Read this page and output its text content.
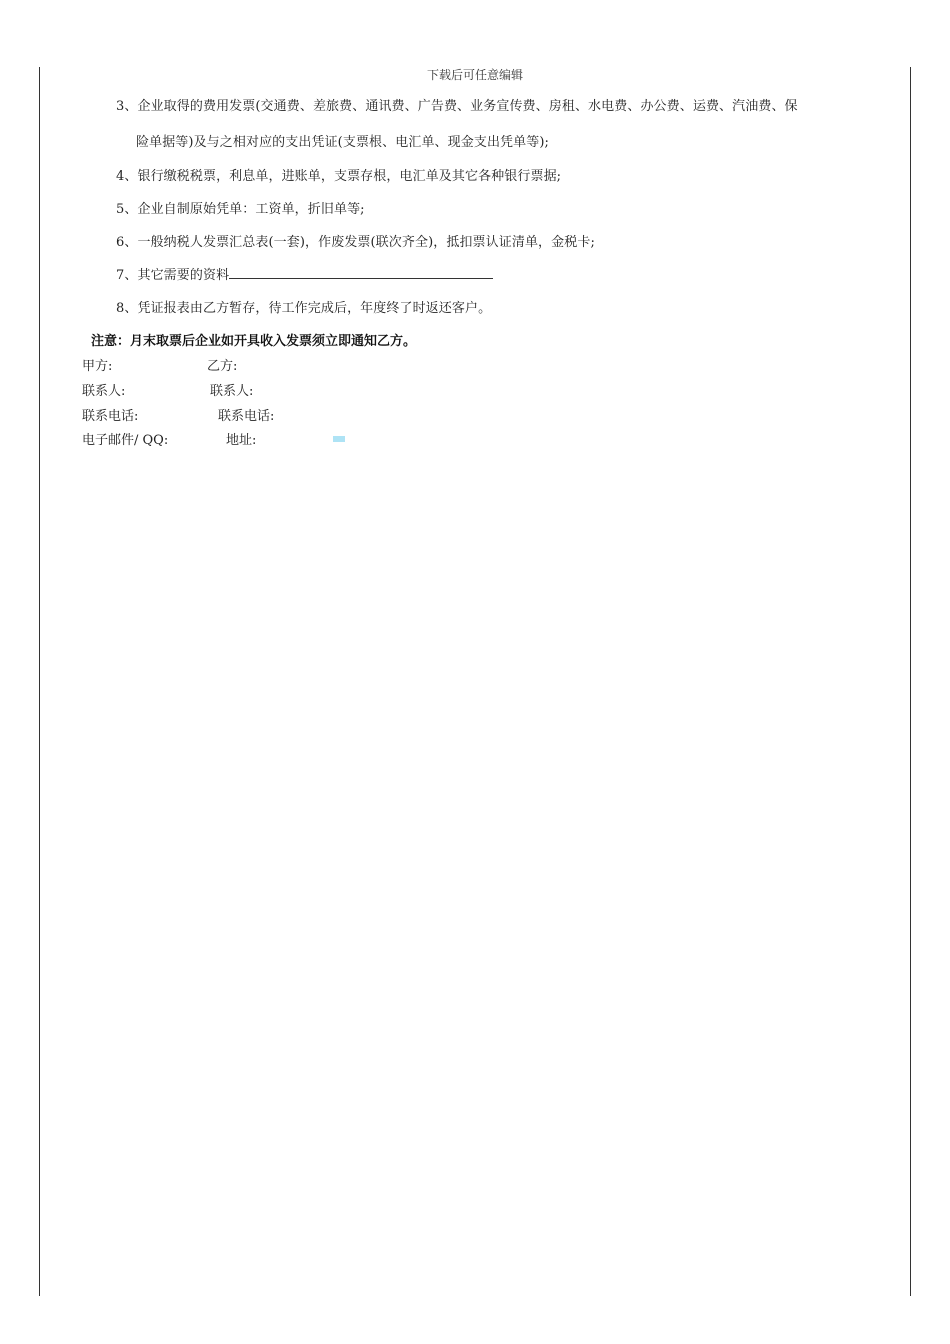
下载后可任意编辑
3、企业取得的费用发票(交通费、差旅费、通讯费、广告费、业务宣传费、房租、水电费、办公费、运费、汽油费、保
险单据等)及与之相对应的支出凭证(支票根、电汇单、现金支出凭单等);
4、银行缴税税票，利息单，进账单，支票存根，电汇单及其它各种银行票据;
5、企业自制原始凭单：工资单，折旧单等;
6、一般纳税人发票汇总表(一套)，作废发票(联次齐全)，抵扣票认证清单，金税卡;
7、其它需要的资料
8、凭证报表由乙方暂存，待工作完成后，年度终了时返还客户。
注意：月末取票后企业如开具收入发票须立即通知乙方。
甲方:	乙方:
联系人:	联系人:
联系电话:	联系电话:
电子邮件/ QQ:	地址:
